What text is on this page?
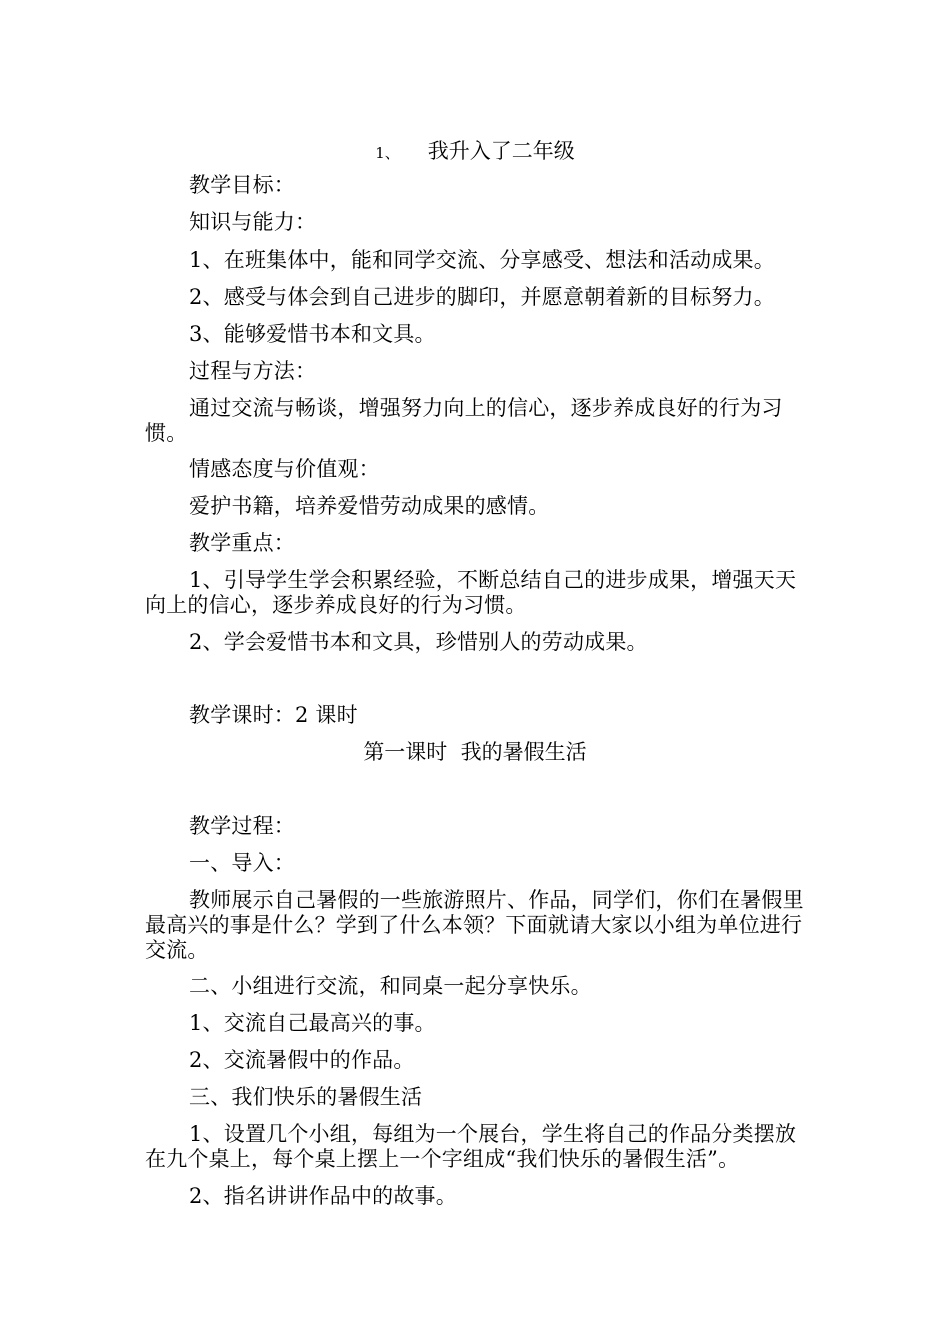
1、 我升入了二年级
教学目标：
知识与能力：
1、在班集体中，能和同学交流、分享感受、想法和活动成果。
2、感受与体会到自己进步的脚印，并愿意朝着新的目标努力。
3、能够爱惜书本和文具。
过程与方法：
通过交流与畅谈，增强努力向上的信心，逐步养成良好的行为习惯。
情感态度与价值观：
爱护书籍，培养爱惜劳动成果的感情。
教学重点：
1、引导学生学会积累经验，不断总结自己的进步成果，增强天天向上的信心，逐步养成良好的行为习惯。
2、学会爱惜书本和文具，珍惜别人的劳动成果。
教学课时：2 课时
第一课时  我的暑假生活
教学过程：
一、导入：
教师展示自己暑假的一些旅游照片、作品，同学们，你们在暑假里最高兴的事是什么？学到了什么本领？下面就请大家以小组为单位进行交流。
二、小组进行交流，和同桌一起分享快乐。
1、交流自己最高兴的事。
2、交流暑假中的作品。
三、我们快乐的暑假生活
1、设置几个小组，每组为一个展台，学生将自己的作品分类摆放在九个桌上，每个桌上摆上一个字组成“我们快乐的暑假生活”。
2、指名讲讲作品中的故事。
